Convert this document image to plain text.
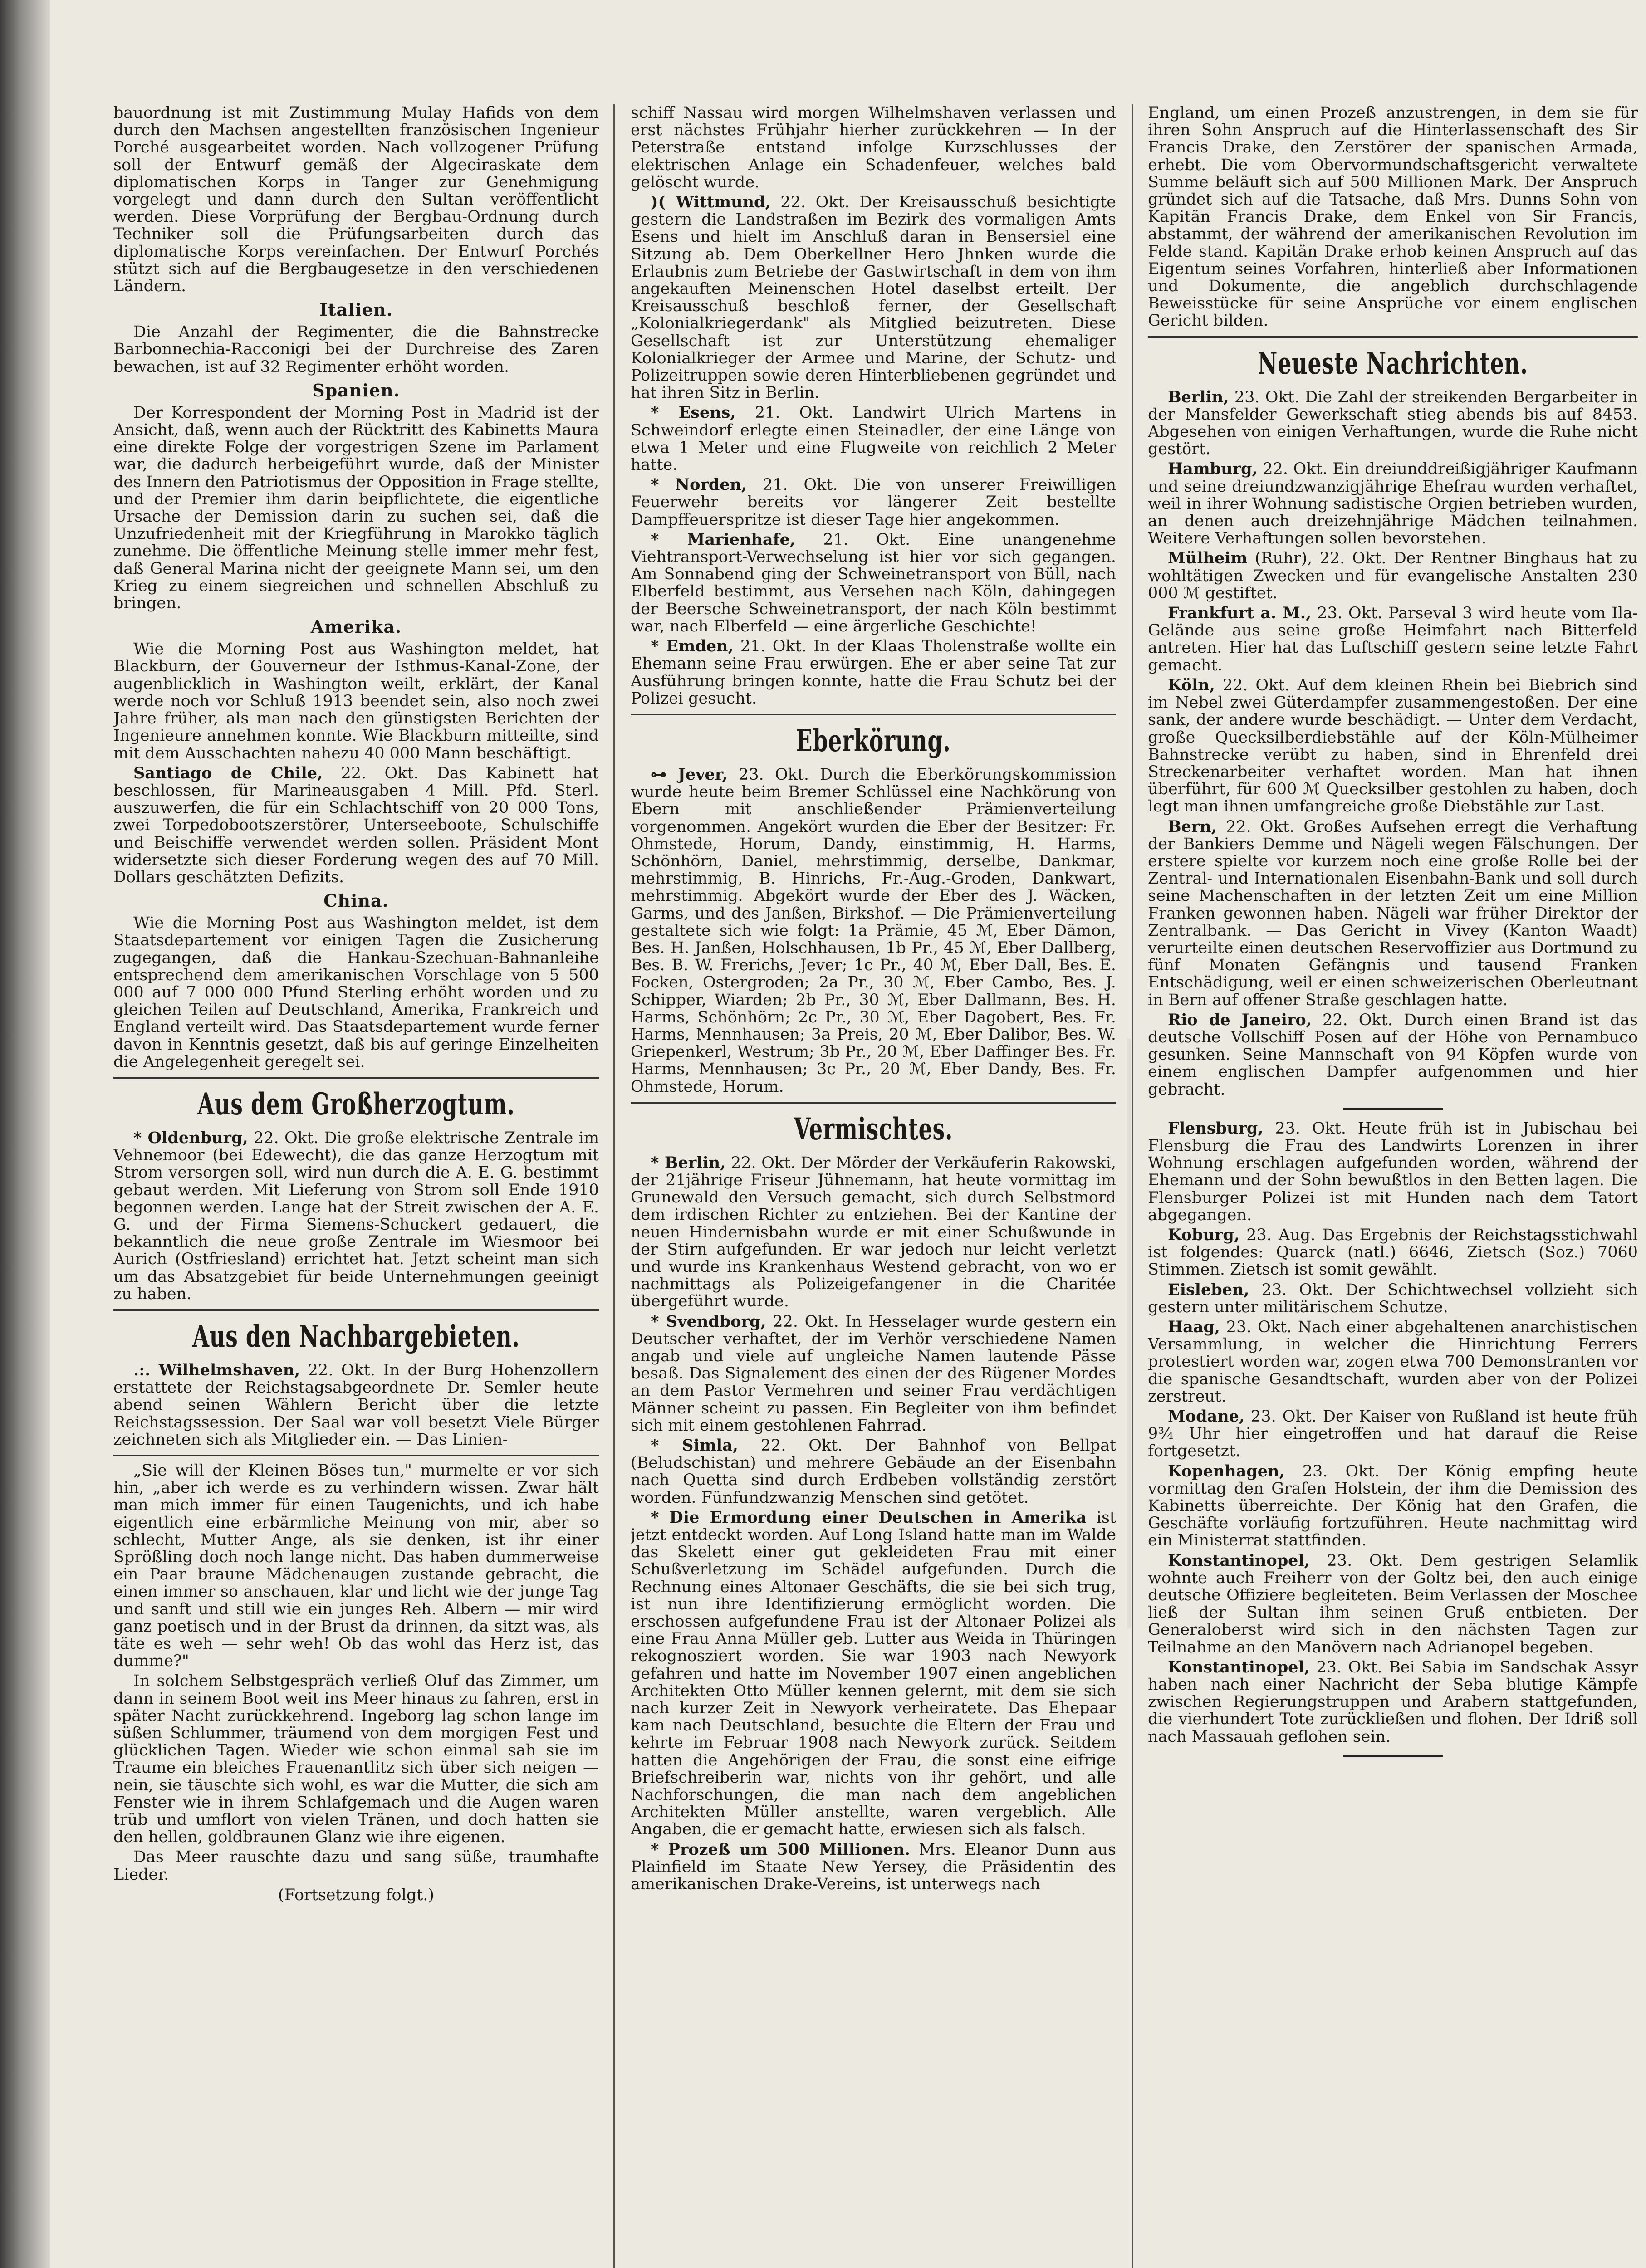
bauordnung ist mit Zustimmung Mulay Hafids von dem durch den Machsen angestellten französischen Ingenieur Porché ausgearbeitet worden. Nach vollzogener Prüfung soll der Entwurf gemäß der Algeciraskate dem diplomatischen Korps in Tanger zur Genehmigung vorgelegt und dann durch den Sultan veröffentlicht werden. Diese Vorprüfung der Bergbau-Ordnung durch Techniker soll die Prüfungsarbeiten durch das diplomatische Korps vereinfachen. Der Entwurf Porchés stützt sich auf die Bergbaugesetze in den verschiedenen Ländern.

Italien.

Die Anzahl der Regimenter, die die Bahnstrecke Barbonnechia-Racconigi bei der Durchreise des Zaren bewachen, ist auf 32 Regimenter erhöht worden.

Spanien.

Der Korrespondent der Morning Post in Madrid ist der Ansicht, daß, wenn auch der Rücktritt des Kabinetts Maura eine direkte Folge der vorgestrigen Szene im Parlament war, die dadurch herbeigeführt wurde, daß der Minister des Innern den Patriotismus der Opposition in Frage stellte, und der Premier ihm darin beipflichtete, die eigentliche Ursache der Demission darin zu suchen sei, daß die Unzufriedenheit mit der Kriegführung in Marokko täglich zunehme. Die öffentliche Meinung stelle immer mehr fest, daß General Marina nicht der geeignete Mann sei, um den Krieg zu einem siegreichen und schnellen Abschluß zu bringen.

Amerika.

Wie die Morning Post aus Washington meldet, hat Blackburn, der Gouverneur der Isthmus-Kanal-Zone, der augenblicklich in Washington weilt, erklärt, der Kanal werde noch vor Schluß 1913 beendet sein, also noch zwei Jahre früher, als man nach den günstigsten Berichten der Ingenieure annehmen konnte. Wie Blackburn mitteilte, sind mit dem Ausschachten nahezu 40 000 Mann beschäftigt.

Santiago de Chile, 22. Okt. Das Kabinett hat beschlossen, für Marineausgaben 4 Mill. Pfd. Sterl. auszuwerfen, die für ein Schlachtschiff von 20 000 Tons, zwei Torpedobootszerstörer, Unterseeboote, Schulschiffe und Beischiffe verwendet werden sollen. Präsident Mont widersetzte sich dieser Forderung wegen des auf 70 Mill. Dollars geschätzten Defizits.

China.

Wie die Morning Post aus Washington meldet, ist dem Staatsdepartement vor einigen Tagen die Zusicherung zugegangen, daß die Hankau-Szechuan-Bahnanleihe entsprechend dem amerikanischen Vorschlage von 5 500 000 auf 7 000 000 Pfund Sterling erhöht worden und zu gleichen Teilen auf Deutschland, Amerika, Frankreich und England verteilt wird. Das Staatsdepartement wurde ferner davon in Kenntnis gesetzt, daß bis auf geringe Einzelheiten die Angelegenheit geregelt sei.

Aus dem Großherzogtum.

* Oldenburg, 22. Okt. Die große elektrische Zentrale im Vehnemoor (bei Edewecht), die das ganze Herzogtum mit Strom versorgen soll, wird nun durch die A. E. G. bestimmt gebaut werden. Mit Lieferung von Strom soll Ende 1910 begonnen werden. Lange hat der Streit zwischen der A. E. G. und der Firma Siemens-Schuckert gedauert, die bekanntlich die neue große Zentrale im Wiesmoor bei Aurich (Ostfriesland) errichtet hat. Jetzt scheint man sich um das Absatzgebiet für beide Unternehmungen geeinigt zu haben.

Aus den Nachbargebieten.

.:. Wilhelmshaven, 22. Okt. In der Burg Hohenzollern erstattete der Reichstagsabgeordnete Dr. Semler heute abend seinen Wählern Bericht über die letzte Reichstagssession. Der Saal war voll besetzt Viele Bürger zeichneten sich als Mitglieder ein. — Das Linien-

„Sie will der Kleinen Böses tun," murmelte er vor sich hin, „aber ich werde es zu verhindern wissen. Zwar hält man mich immer für einen Taugenichts, und ich habe eigentlich eine erbärmliche Meinung von mir, aber so schlecht, Mutter Ange, als sie denken, ist ihr einer Sprößling doch noch lange nicht. Das haben dummerweise ein Paar braune Mädchenaugen zustande gebracht, die einen immer so anschauen, klar und licht wie der junge Tag und sanft und still wie ein junges Reh. Albern — mir wird ganz poetisch und in der Brust da drinnen, da sitzt was, als täte es weh — sehr weh! Ob das wohl das Herz ist, das dumme?"

In solchem Selbstgespräch verließ Oluf das Zimmer, um dann in seinem Boot weit ins Meer hinaus zu fahren, erst in später Nacht zurückkehrend. Ingeborg lag schon lange im süßen Schlummer, träumend von dem morgigen Fest und glücklichen Tagen. Wieder wie schon einmal sah sie im Traume ein bleiches Frauenantlitz sich über sich neigen — nein, sie täuschte sich wohl, es war die Mutter, die sich am Fenster wie in ihrem Schlafgemach und die Augen waren trüb und umflort von vielen Tränen, und doch hatten sie den hellen, goldbraunen Glanz wie ihre eigenen.

Das Meer rauschte dazu und sang süße, traumhafte Lieder.

(Fortsetzung folgt.)

schiff Nassau wird morgen Wilhelmshaven verlassen und erst nächstes Frühjahr hierher zurückkehren — In der Peterstraße entstand infolge Kurzschlusses der elektrischen Anlage ein Schadenfeuer, welches bald gelöscht wurde.

)( Wittmund, 22. Okt. Der Kreisausschuß besichtigte gestern die Landstraßen im Bezirk des vormaligen Amts Esens und hielt im Anschluß daran in Bensersiel eine Sitzung ab. Dem Oberkellner Hero Jhnken wurde die Erlaubnis zum Betriebe der Gastwirtschaft in dem von ihm angekauften Meinenschen Hotel daselbst erteilt. Der Kreisausschuß beschloß ferner, der Gesellschaft „Kolonialkriegerdank" als Mitglied beizutreten. Diese Gesellschaft ist zur Unterstützung ehemaliger Kolonialkrieger der Armee und Marine, der Schutz- und Polizeitruppen sowie deren Hinterbliebenen gegründet und hat ihren Sitz in Berlin.

* Esens, 21. Okt. Landwirt Ulrich Martens in Schweindorf erlegte einen Steinadler, der eine Länge von etwa 1 Meter und eine Flugweite von reichlich 2 Meter hatte.

* Norden, 21. Okt. Die von unserer Freiwilligen Feuerwehr bereits vor längerer Zeit bestellte Dampffeuerspritze ist dieser Tage hier angekommen.

* Marienhafe, 21. Okt. Eine unangenehme Viehtransport-Verwechselung ist hier vor sich gegangen. Am Sonnabend ging der Schweinetransport von Büll, nach Elberfeld bestimmt, aus Versehen nach Köln, dahingegen der Beersche Schweinetransport, der nach Köln bestimmt war, nach Elberfeld — eine ärgerliche Geschichte!

* Emden, 21. Okt. In der Klaas Tholenstraße wollte ein Ehemann seine Frau erwürgen. Ehe er aber seine Tat zur Ausführung bringen konnte, hatte die Frau Schutz bei der Polizei gesucht.

Eberkörung.

⊶ Jever, 23. Okt. Durch die Eberkörungskommission wurde heute beim Bremer Schlüssel eine Nachkörung von Ebern mit anschließender Prämienverteilung vorgenommen. Angekört wurden die Eber der Besitzer: Fr. Ohmstede, Horum, Dandy, einstimmig, H. Harms, Schönhörn, Daniel, mehrstimmig, derselbe, Dankmar, mehrstimmig, B. Hinrichs, Fr.-Aug.-Groden, Dankwart, mehrstimmig. Abgekört wurde der Eber des J. Wäcken, Garms, und des Janßen, Birkshof. — Die Prämienverteilung gestaltete sich wie folgt: 1a Prämie, 45 ℳ, Eber Dämon, Bes. H. Janßen, Holschhausen, 1b Pr., 45 ℳ, Eber Dallberg, Bes. B. W. Frerichs, Jever; 1c Pr., 40 ℳ, Eber Dall, Bes. E. Focken, Ostergroden; 2a Pr., 30 ℳ, Eber Cambo, Bes. J. Schipper, Wiarden; 2b Pr., 30 ℳ, Eber Dallmann, Bes. H. Harms, Schönhörn; 2c Pr., 30 ℳ, Eber Dagobert, Bes. Fr. Harms, Mennhausen; 3a Preis, 20 ℳ, Eber Dalibor, Bes. W. Griepenkerl, Westrum; 3b Pr., 20 ℳ, Eber Daffinger Bes. Fr. Harms, Mennhausen; 3c Pr., 20 ℳ, Eber Dandy, Bes. Fr. Ohmstede, Horum.

Vermischtes.

* Berlin, 22. Okt. Der Mörder der Verkäuferin Rakowski, der 21jährige Friseur Jühnemann, hat heute vormittag im Grunewald den Versuch gemacht, sich durch Selbstmord dem irdischen Richter zu entziehen. Bei der Kantine der neuen Hindernisbahn wurde er mit einer Schußwunde in der Stirn aufgefunden. Er war jedoch nur leicht verletzt und wurde ins Krankenhaus Westend gebracht, von wo er nachmittags als Polizeigefangener in die Charitée übergeführt wurde.

* Svendborg, 22. Okt. In Hesselager wurde gestern ein Deutscher verhaftet, der im Verhör verschiedene Namen angab und viele auf ungleiche Namen lautende Pässe besaß. Das Signalement des einen der des Rügener Mordes an dem Pastor Vermehren und seiner Frau verdächtigen Männer scheint zu passen. Ein Begleiter von ihm befindet sich mit einem gestohlenen Fahrrad.

* Simla, 22. Okt. Der Bahnhof von Bellpat (Beludschistan) und mehrere Gebäude an der Eisenbahn nach Quetta sind durch Erdbeben vollständig zerstört worden. Fünfundzwanzig Menschen sind getötet.

* Die Ermordung einer Deutschen in Amerika ist jetzt entdeckt worden. Auf Long Island hatte man im Walde das Skelett einer gut gekleideten Frau mit einer Schußverletzung im Schädel aufgefunden. Durch die Rechnung eines Altonaer Geschäfts, die sie bei sich trug, ist nun ihre Identifizierung ermöglicht worden. Die erschossen aufgefundene Frau ist der Altonaer Polizei als eine Frau Anna Müller geb. Lutter aus Weida in Thüringen rekognosziert worden. Sie war 1903 nach Newyork gefahren und hatte im November 1907 einen angeblichen Architekten Otto Müller kennen gelernt, mit dem sie sich nach kurzer Zeit in Newyork verheiratete. Das Ehepaar kam nach Deutschland, besuchte die Eltern der Frau und kehrte im Februar 1908 nach Newyork zurück. Seitdem hatten die Angehörigen der Frau, die sonst eine eifrige Briefschreiberin war, nichts von ihr gehört, und alle Nachforschungen, die man nach dem angeblichen Architekten Müller anstellte, waren vergeblich. Alle Angaben, die er gemacht hatte, erwiesen sich als falsch.

* Prozeß um 500 Millionen. Mrs. Eleanor Dunn aus Plainfield im Staate New Yersey, die Präsidentin des amerikanischen Drake-Vereins, ist unterwegs nach

England, um einen Prozeß anzustrengen, in dem sie für ihren Sohn Anspruch auf die Hinterlassenschaft des Sir Francis Drake, den Zerstörer der spanischen Armada, erhebt. Die vom Obervormundschaftsgericht verwaltete Summe beläuft sich auf 500 Millionen Mark. Der Anspruch gründet sich auf die Tatsache, daß Mrs. Dunns Sohn von Kapitän Francis Drake, dem Enkel von Sir Francis, abstammt, der während der amerikanischen Revolution im Felde stand. Kapitän Drake erhob keinen Anspruch auf das Eigentum seines Vorfahren, hinterließ aber Informationen und Dokumente, die angeblich durchschlagende Beweisstücke für seine Ansprüche vor einem englischen Gericht bilden.

Neueste Nachrichten.

Berlin, 23. Okt. Die Zahl der streikenden Bergarbeiter in der Mansfelder Gewerkschaft stieg abends bis auf 8453. Abgesehen von einigen Verhaftungen, wurde die Ruhe nicht gestört.

Hamburg, 22. Okt. Ein dreiunddreißigjähriger Kaufmann und seine dreiundzwanzigjährige Ehefrau wurden verhaftet, weil in ihrer Wohnung sadistische Orgien betrieben wurden, an denen auch dreizehnjährige Mädchen teilnahmen. Weitere Verhaftungen sollen bevorstehen.

Mülheim (Ruhr), 22. Okt. Der Rentner Binghaus hat zu wohltätigen Zwecken und für evangelische Anstalten 230 000 ℳ gestiftet.

Frankfurt a. M., 23. Okt. Parseval 3 wird heute vom Ila-Gelände aus seine große Heimfahrt nach Bitterfeld antreten. Hier hat das Luftschiff gestern seine letzte Fahrt gemacht.

Köln, 22. Okt. Auf dem kleinen Rhein bei Biebrich sind im Nebel zwei Güterdampfer zusammengestoßen. Der eine sank, der andere wurde beschädigt. — Unter dem Verdacht, große Quecksilberdiebstähle auf der Köln-Mülheimer Bahnstrecke verübt zu haben, sind in Ehrenfeld drei Streckenarbeiter verhaftet worden. Man hat ihnen überführt, für 600 ℳ Quecksilber gestohlen zu haben, doch legt man ihnen umfangreiche große Diebstähle zur Last.

Bern, 22. Okt. Großes Aufsehen erregt die Verhaftung der Bankiers Demme und Nägeli wegen Fälschungen. Der erstere spielte vor kurzem noch eine große Rolle bei der Zentral- und Internationalen Eisenbahn-Bank und soll durch seine Machenschaften in der letzten Zeit um eine Million Franken gewonnen haben. Nägeli war früher Direktor der Zentralbank. — Das Gericht in Vivey (Kanton Waadt) verurteilte einen deutschen Reservoffizier aus Dortmund zu fünf Monaten Gefängnis und tausend Franken Entschädigung, weil er einen schweizerischen Oberleutnant in Bern auf offener Straße geschlagen hatte.

Rio de Janeiro, 22. Okt. Durch einen Brand ist das deutsche Vollschiff Posen auf der Höhe von Pernambuco gesunken. Seine Mannschaft von 94 Köpfen wurde von einem englischen Dampfer aufgenommen und hier gebracht.

Flensburg, 23. Okt. Heute früh ist in Jubischau bei Flensburg die Frau des Landwirts Lorenzen in ihrer Wohnung erschlagen aufgefunden worden, während der Ehemann und der Sohn bewußtlos in den Betten lagen. Die Flensburger Polizei ist mit Hunden nach dem Tatort abgegangen.

Koburg, 23. Aug. Das Ergebnis der Reichstagsstichwahl ist folgendes: Quarck (natl.) 6646, Zietsch (Soz.) 7060 Stimmen. Zietsch ist somit gewählt.

Eisleben, 23. Okt. Der Schichtwechsel vollzieht sich gestern unter militärischem Schutze.

Haag, 23. Okt. Nach einer abgehaltenen anarchistischen Versammlung, in welcher die Hinrichtung Ferrers protestiert worden war, zogen etwa 700 Demonstranten vor die spanische Gesandtschaft, wurden aber von der Polizei zerstreut.

Modane, 23. Okt. Der Kaiser von Rußland ist heute früh 9¾ Uhr hier eingetroffen und hat darauf die Reise fortgesetzt.

Kopenhagen, 23. Okt. Der König empfing heute vormittag den Grafen Holstein, der ihm die Demission des Kabinetts überreichte. Der König hat den Grafen, die Geschäfte vorläufig fortzuführen. Heute nachmittag wird ein Ministerrat stattfinden.

Konstantinopel, 23. Okt. Dem gestrigen Selamlik wohnte auch Freiherr von der Goltz bei, den auch einige deutsche Offiziere begleiteten. Beim Verlassen der Moschee ließ der Sultan ihm seinen Gruß entbieten. Der Generaloberst wird sich in den nächsten Tagen zur Teilnahme an den Manövern nach Adrianopel begeben.

Konstantinopel, 23. Okt. Bei Sabia im Sandschak Assyr haben nach einer Nachricht der Seba blutige Kämpfe zwischen Regierungstruppen und Arabern stattgefunden, die vierhundert Tote zurückließen und flohen. Der Idriß soll nach Massauah geflohen sein.
